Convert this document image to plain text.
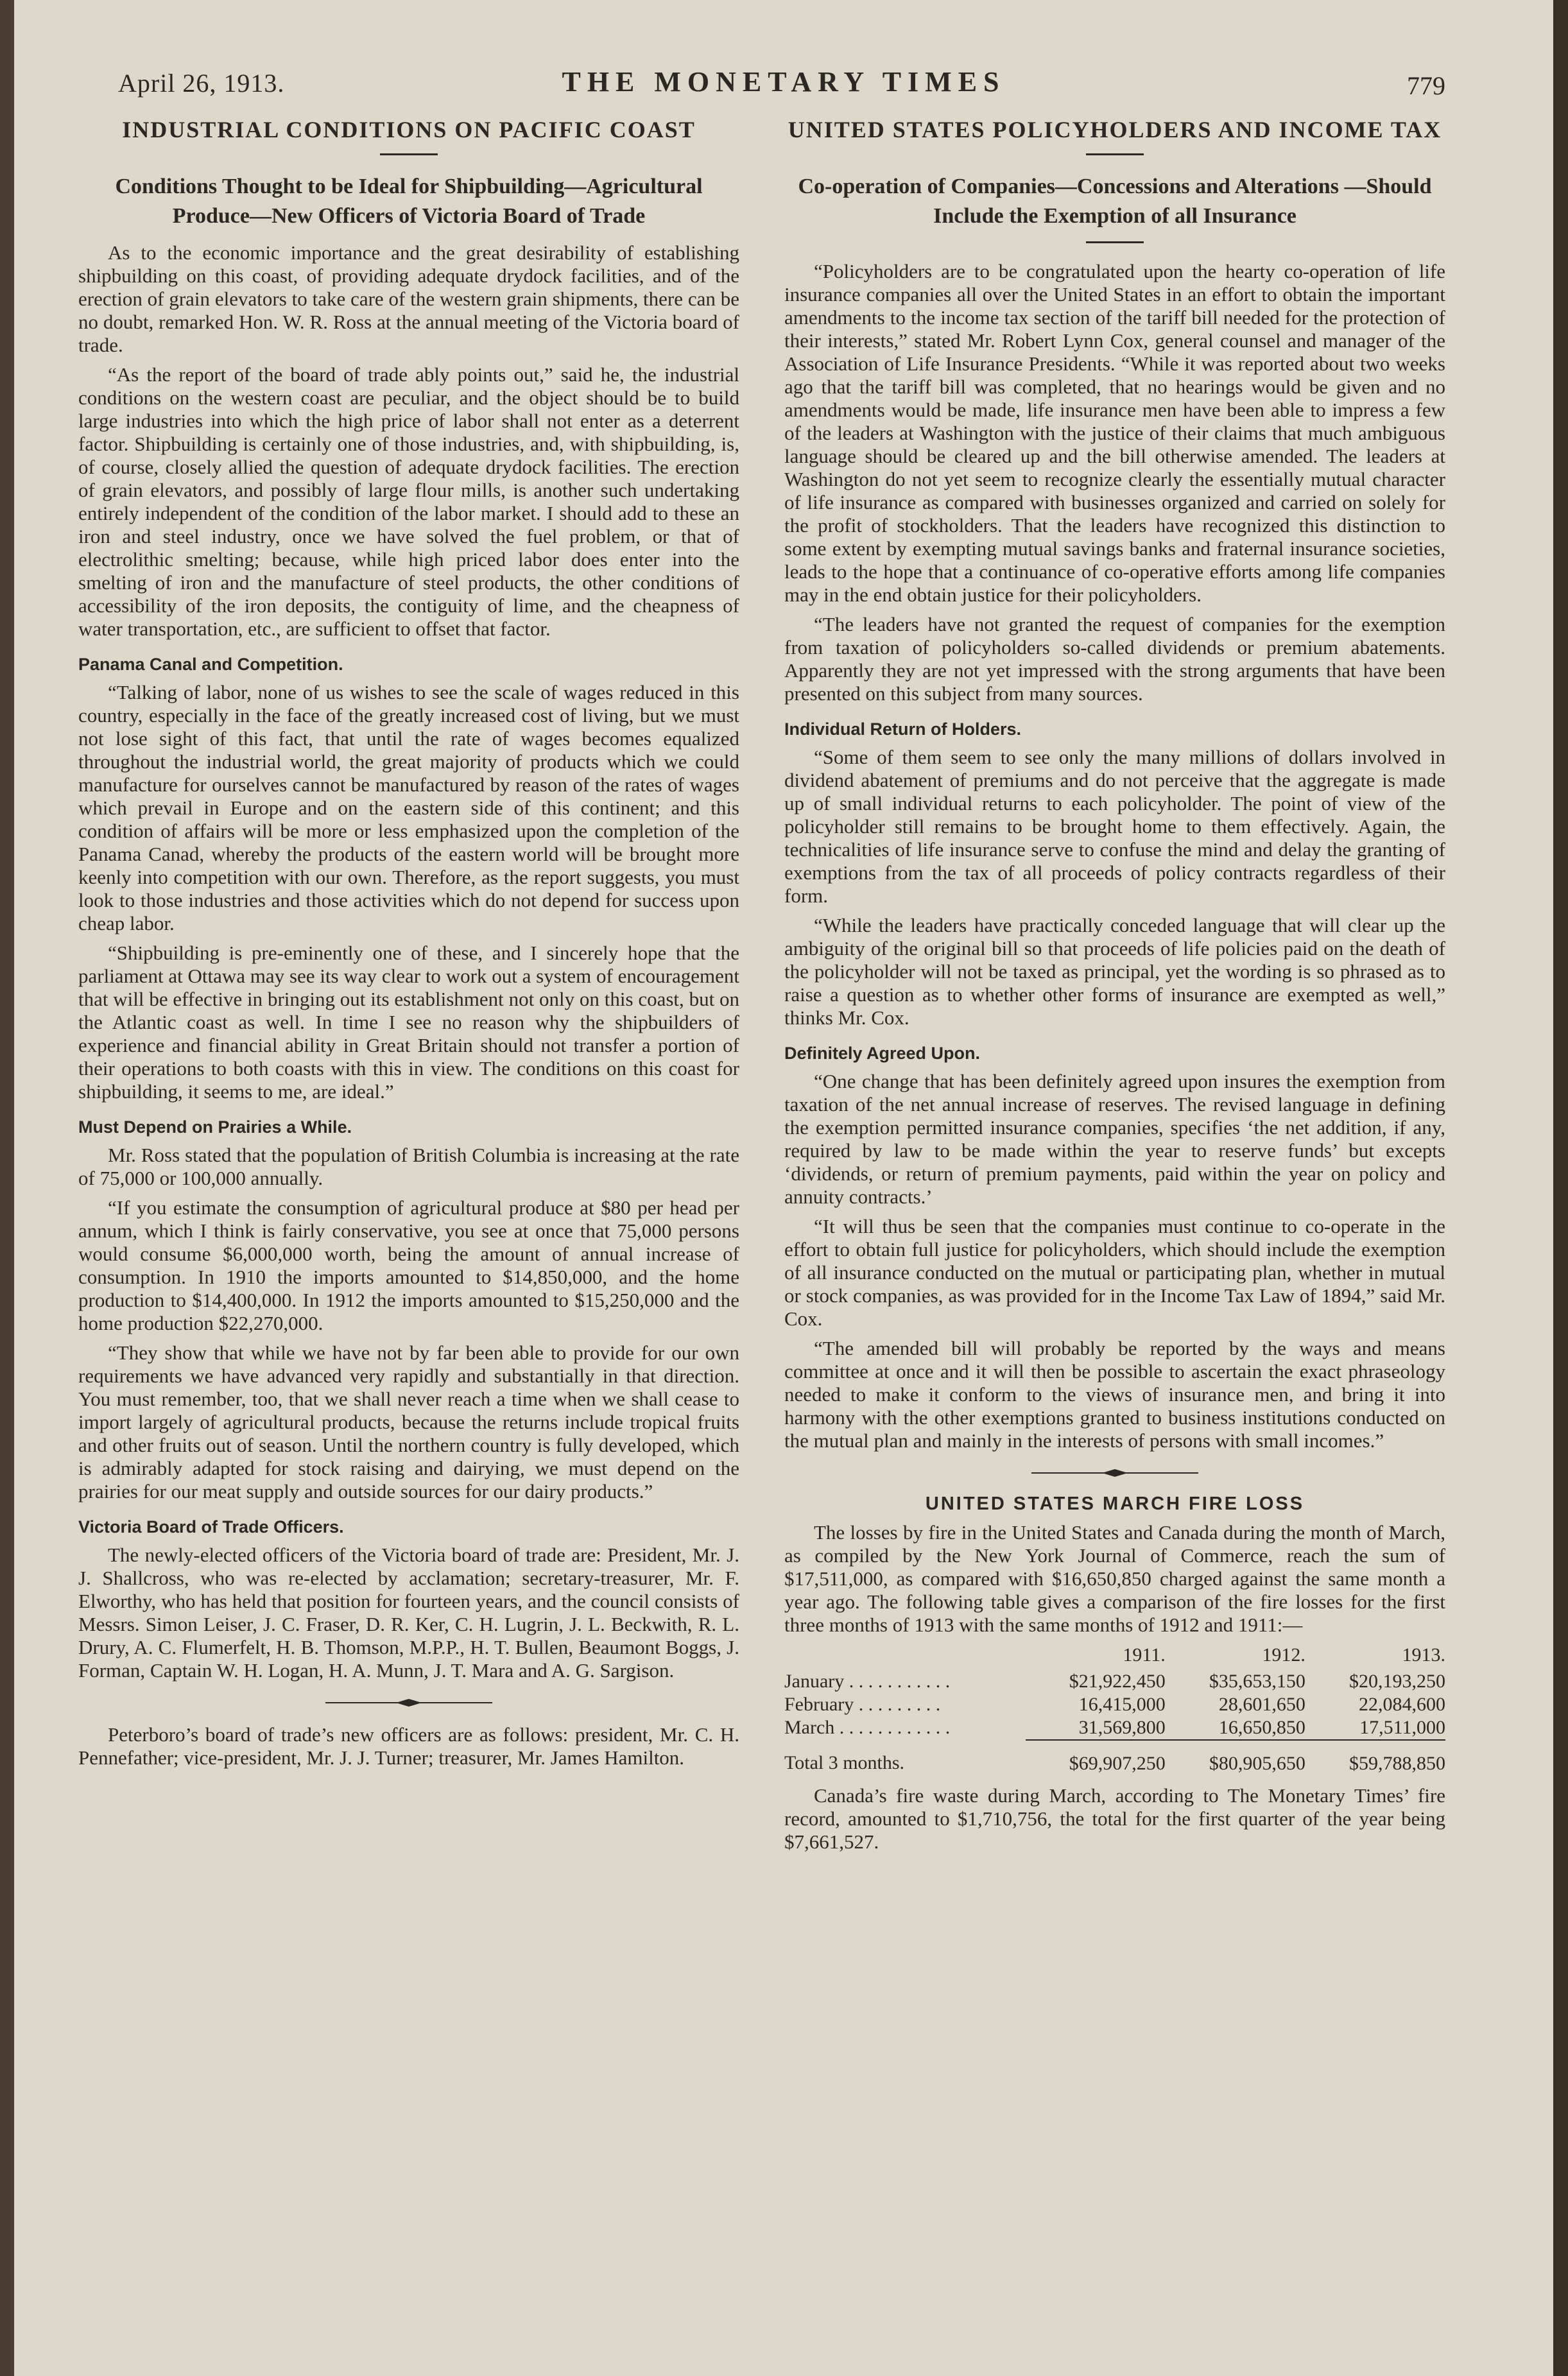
April 26, 1913.	THE MONETARY TIMES	779
INDUSTRIAL CONDITIONS ON PACIFIC COAST
Conditions Thought to be Ideal for Shipbuilding—Agricultural Produce—New Officers of Victoria Board of Trade

As to the economic importance and the great desirability of establishing shipbuilding on this coast, of providing adequate drydock facilities, and of the erection of grain elevators to take care of the western grain shipments, there can be no doubt, remarked Hon. W. R. Ross at the annual meeting of the Victoria board of trade.

“As the report of the board of trade ably points out,” said he, the industrial conditions on the western coast are peculiar, and the object should be to build large industries into which the high price of labor shall not enter as a deterrent factor. Shipbuilding is certainly one of those industries, and, with shipbuilding, is, of course, closely allied the question of adequate drydock facilities. The erection of grain elevators, and possibly of large flour mills, is another such undertaking entirely independent of the condition of the labor market. I should add to these an iron and steel industry, once we have solved the fuel problem, or that of electrolithic smelting; because, while high priced labor does enter into the smelting of iron and the manufacture of steel products, the other conditions of accessibility of the iron deposits, the contiguity of lime, and the cheapness of water transportation, etc., are sufficient to offset that factor.

Panama Canal and Competition.

“Talking of labor, none of us wishes to see the scale of wages reduced in this country, especially in the face of the greatly increased cost of living, but we must not lose sight of this fact, that until the rate of wages becomes equalized throughout the industrial world, the great majority of products which we could manufacture for ourselves cannot be manufactured by reason of the rates of wages which prevail in Europe and on the eastern side of this continent; and this condition of affairs will be more or less emphasized upon the completion of the Panama Canad, whereby the products of the eastern world will be brought more keenly into competition with our own. Therefore, as the report suggests, you must look to those industries and those activities which do not depend for success upon cheap labor.

“Shipbuilding is pre-eminently one of these, and I sincerely hope that the parliament at Ottawa may see its way clear to work out a system of encouragement that will be effective in bringing out its establishment not only on this coast, but on the Atlantic coast as well. In time I see no reason why the shipbuilders of experience and financial ability in Great Britain should not transfer a portion of their operations to both coasts with this in view. The conditions on this coast for shipbuilding, it seems to me, are ideal.”

Must Depend on Prairies a While.

Mr. Ross stated that the population of British Columbia is increasing at the rate of 75,000 or 100,000 annually.

“If you estimate the consumption of agricultural produce at $80 per head per annum, which I think is fairly conservative, you see at once that 75,000 persons would consume $6,000,000 worth, being the amount of annual increase of consumption. In 1910 the imports amounted to $14,850,000, and the home production to $14,400,000. In 1912 the imports amounted to $15,250,000 and the home production $22,270,000.

“They show that while we have not by far been able to provide for our own requirements we have advanced very rapidly and substantially in that direction. You must remember, too, that we shall never reach a time when we shall cease to import largely of agricultural products, because the returns include tropical fruits and other fruits out of season. Until the northern country is fully developed, which is admirably adapted for stock raising and dairying, we must depend on the prairies for our meat supply and outside sources for our dairy products.”

Victoria Board of Trade Officers.

The newly-elected officers of the Victoria board of trade are: President, Mr. J. J. Shallcross, who was re-elected by acclamation; secretary-treasurer, Mr. F. Elworthy, who has held that position for fourteen years, and the council consists of Messrs. Simon Leiser, J. C. Fraser, D. R. Ker, C. H. Lugrin, J. L. Beckwith, R. L. Drury, A. C. Flumerfelt, H. B. Thomson, M.P.P., H. T. Bullen, Beaumont Boggs, J. Forman, Captain W. H. Logan, H. A. Munn, J. T. Mara and A. G. Sargison.

Peterboro’s board of trade’s new officers are as follows: president, Mr. C. H. Pennefather; vice-president, Mr. J. J. Turner; treasurer, Mr. James Hamilton.

UNITED STATES POLICYHOLDERS AND INCOME TAX
Co-operation of Companies—Concessions and Alterations —Should Include the Exemption of all Insurance

“Policyholders are to be congratulated upon the hearty co-operation of life insurance companies all over the United States in an effort to obtain the important amendments to the income tax section of the tariff bill needed for the protection of their interests,” stated Mr. Robert Lynn Cox, general counsel and manager of the Association of Life Insurance Presidents. “While it was reported about two weeks ago that the tariff bill was completed, that no hearings would be given and no amendments would be made, life insurance men have been able to impress a few of the leaders at Washington with the justice of their claims that much ambiguous language should be cleared up and the bill otherwise amended. The leaders at Washington do not yet seem to recognize clearly the essentially mutual character of life insurance as compared with businesses organized and carried on solely for the profit of stockholders. That the leaders have recognized this distinction to some extent by exempting mutual savings banks and fraternal insurance societies, leads to the hope that a continuance of co-operative efforts among life companies may in the end obtain justice for their policyholders.

“The leaders have not granted the request of companies for the exemption from taxation of policyholders so-called dividends or premium abatements. Apparently they are not yet impressed with the strong arguments that have been presented on this subject from many sources.

Individual Return of Holders.

“Some of them seem to see only the many millions of dollars involved in dividend abatement of premiums and do not perceive that the aggregate is made up of small individual returns to each policyholder. The point of view of the policyholder still remains to be brought home to them effectively. Again, the technicalities of life insurance serve to confuse the mind and delay the granting of exemptions from the tax of all proceeds of policy contracts regardless of their form.

“While the leaders have practically conceded language that will clear up the ambiguity of the original bill so that proceeds of life policies paid on the death of the policyholder will not be taxed as principal, yet the wording is so phrased as to raise a question as to whether other forms of insurance are exempted as well,” thinks Mr. Cox.

Definitely Agreed Upon.

“One change that has been definitely agreed upon insures the exemption from taxation of the net annual increase of reserves. The revised language in defining the exemption permitted insurance companies, specifies ‘the net addition, if any, required by law to be made within the year to reserve funds’ but excepts ‘dividends, or return of premium payments, paid within the year on policy and annuity contracts.’

“It will thus be seen that the companies must continue to co-operate in the effort to obtain full justice for policyholders, which should include the exemption of all insurance conducted on the mutual or participating plan, whether in mutual or stock companies, as was provided for in the Income Tax Law of 1894,” said Mr. Cox.

“The amended bill will probably be reported by the ways and means committee at once and it will then be possible to ascertain the exact phraseology needed to make it conform to the views of insurance men, and bring it into harmony with the other exemptions granted to business institutions conducted on the mutual plan and mainly in the interests of persons with small incomes.”

UNITED STATES MARCH FIRE LOSS

The losses by fire in the United States and Canada during the month of March, as compiled by the New York Journal of Commerce, reach the sum of $17,511,000, as compared with $16,650,850 charged against the same month a year ago. The following table gives a comparison of the fire losses for the first three months of 1913 with the same months of 1912 and 1911:—

	1911.	1912.	1913.
January . . . . . . . . . . .	$21,922,450	$35,653,150	$20,193,250
February . . . . . . . . .	16,415,000	28,601,650	22,084,600
March . . . . . . . . . . . .	31,569,800	16,650,850	17,511,000
Total 3 months.	$69,907,250	$80,905,650	$59,788,850

Canada’s fire waste during March, according to The Monetary Times’ fire record, amounted to $1,710,756, the total for the first quarter of the year being $7,661,527.
